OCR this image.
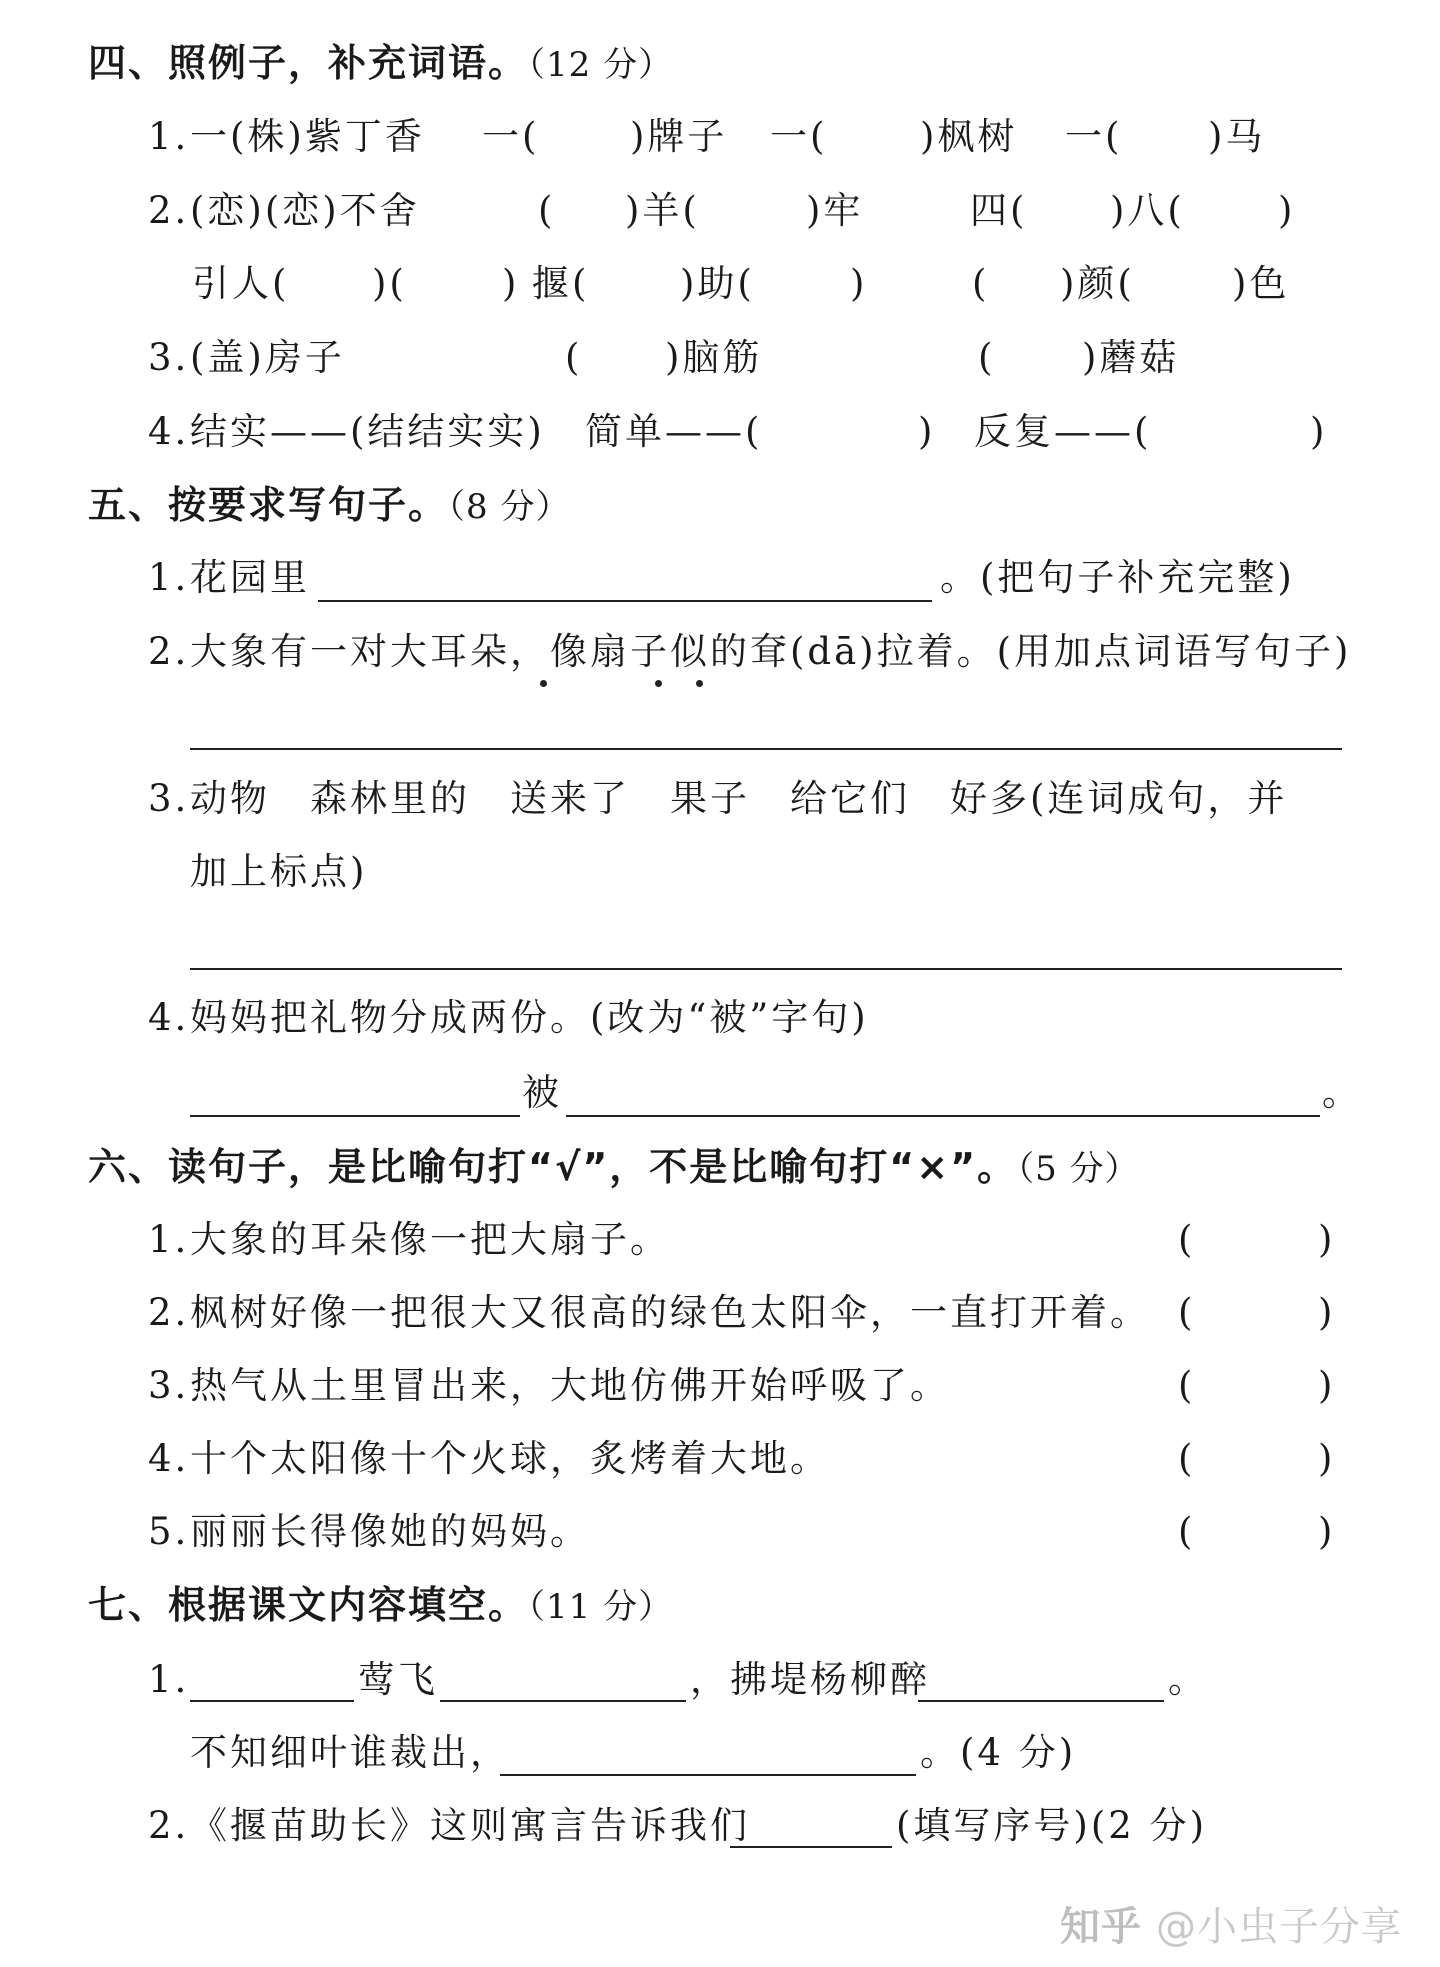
四、照例子，补充词语。（12 分）
1. 一(株)紫丁香 一( )牌子 一(	)枫树 一( )马
2. (恋)(恋)不舍	( )羊(	)牢	四( )八(	)
引人( )(	) 揠( )助(	)	( )颜(	)色
3. (盖)房子	( )脑筋	( )蘑菇
4. 结实——(结结实实) 简单——(	) 反复——(	)
五、按要求写句子。（8 分）
1. 花园里	。(把句子补充完整)
2. 大象有一对大耳朵，像扇子似的耷(dā)拉着。(用加点词语写句子)
3. 动物　森林里的　送来了　果子　给它们　好多(连词成句，并
加上标点)
4. 妈妈把礼物分成两份。(改为“被”字句)
被	。
六、读句子，是比喻句打“√”，不是比喻句打“×”。（5 分）
1. 大象的耳朵像一把大扇子。	(	)
2. 枫树好像一把很大又很高的绿色太阳伞，一直打开着。 (	)
3. 热气从土里冒出来，大地仿佛开始呼吸了。	(	)
4. 十个太阳像十个火球，炙烤着大地。	(	)
5. 丽丽长得像她的妈妈。	(	)
七、根据课文内容填空。（11 分）
1.	莺飞	，拂堤杨柳醉	。
不知细叶谁裁出，	。(4 分)
2. 《揠苗助长》这则寓言告诉我们	(填写序号)(2 分)
知乎 @小虫子分享
